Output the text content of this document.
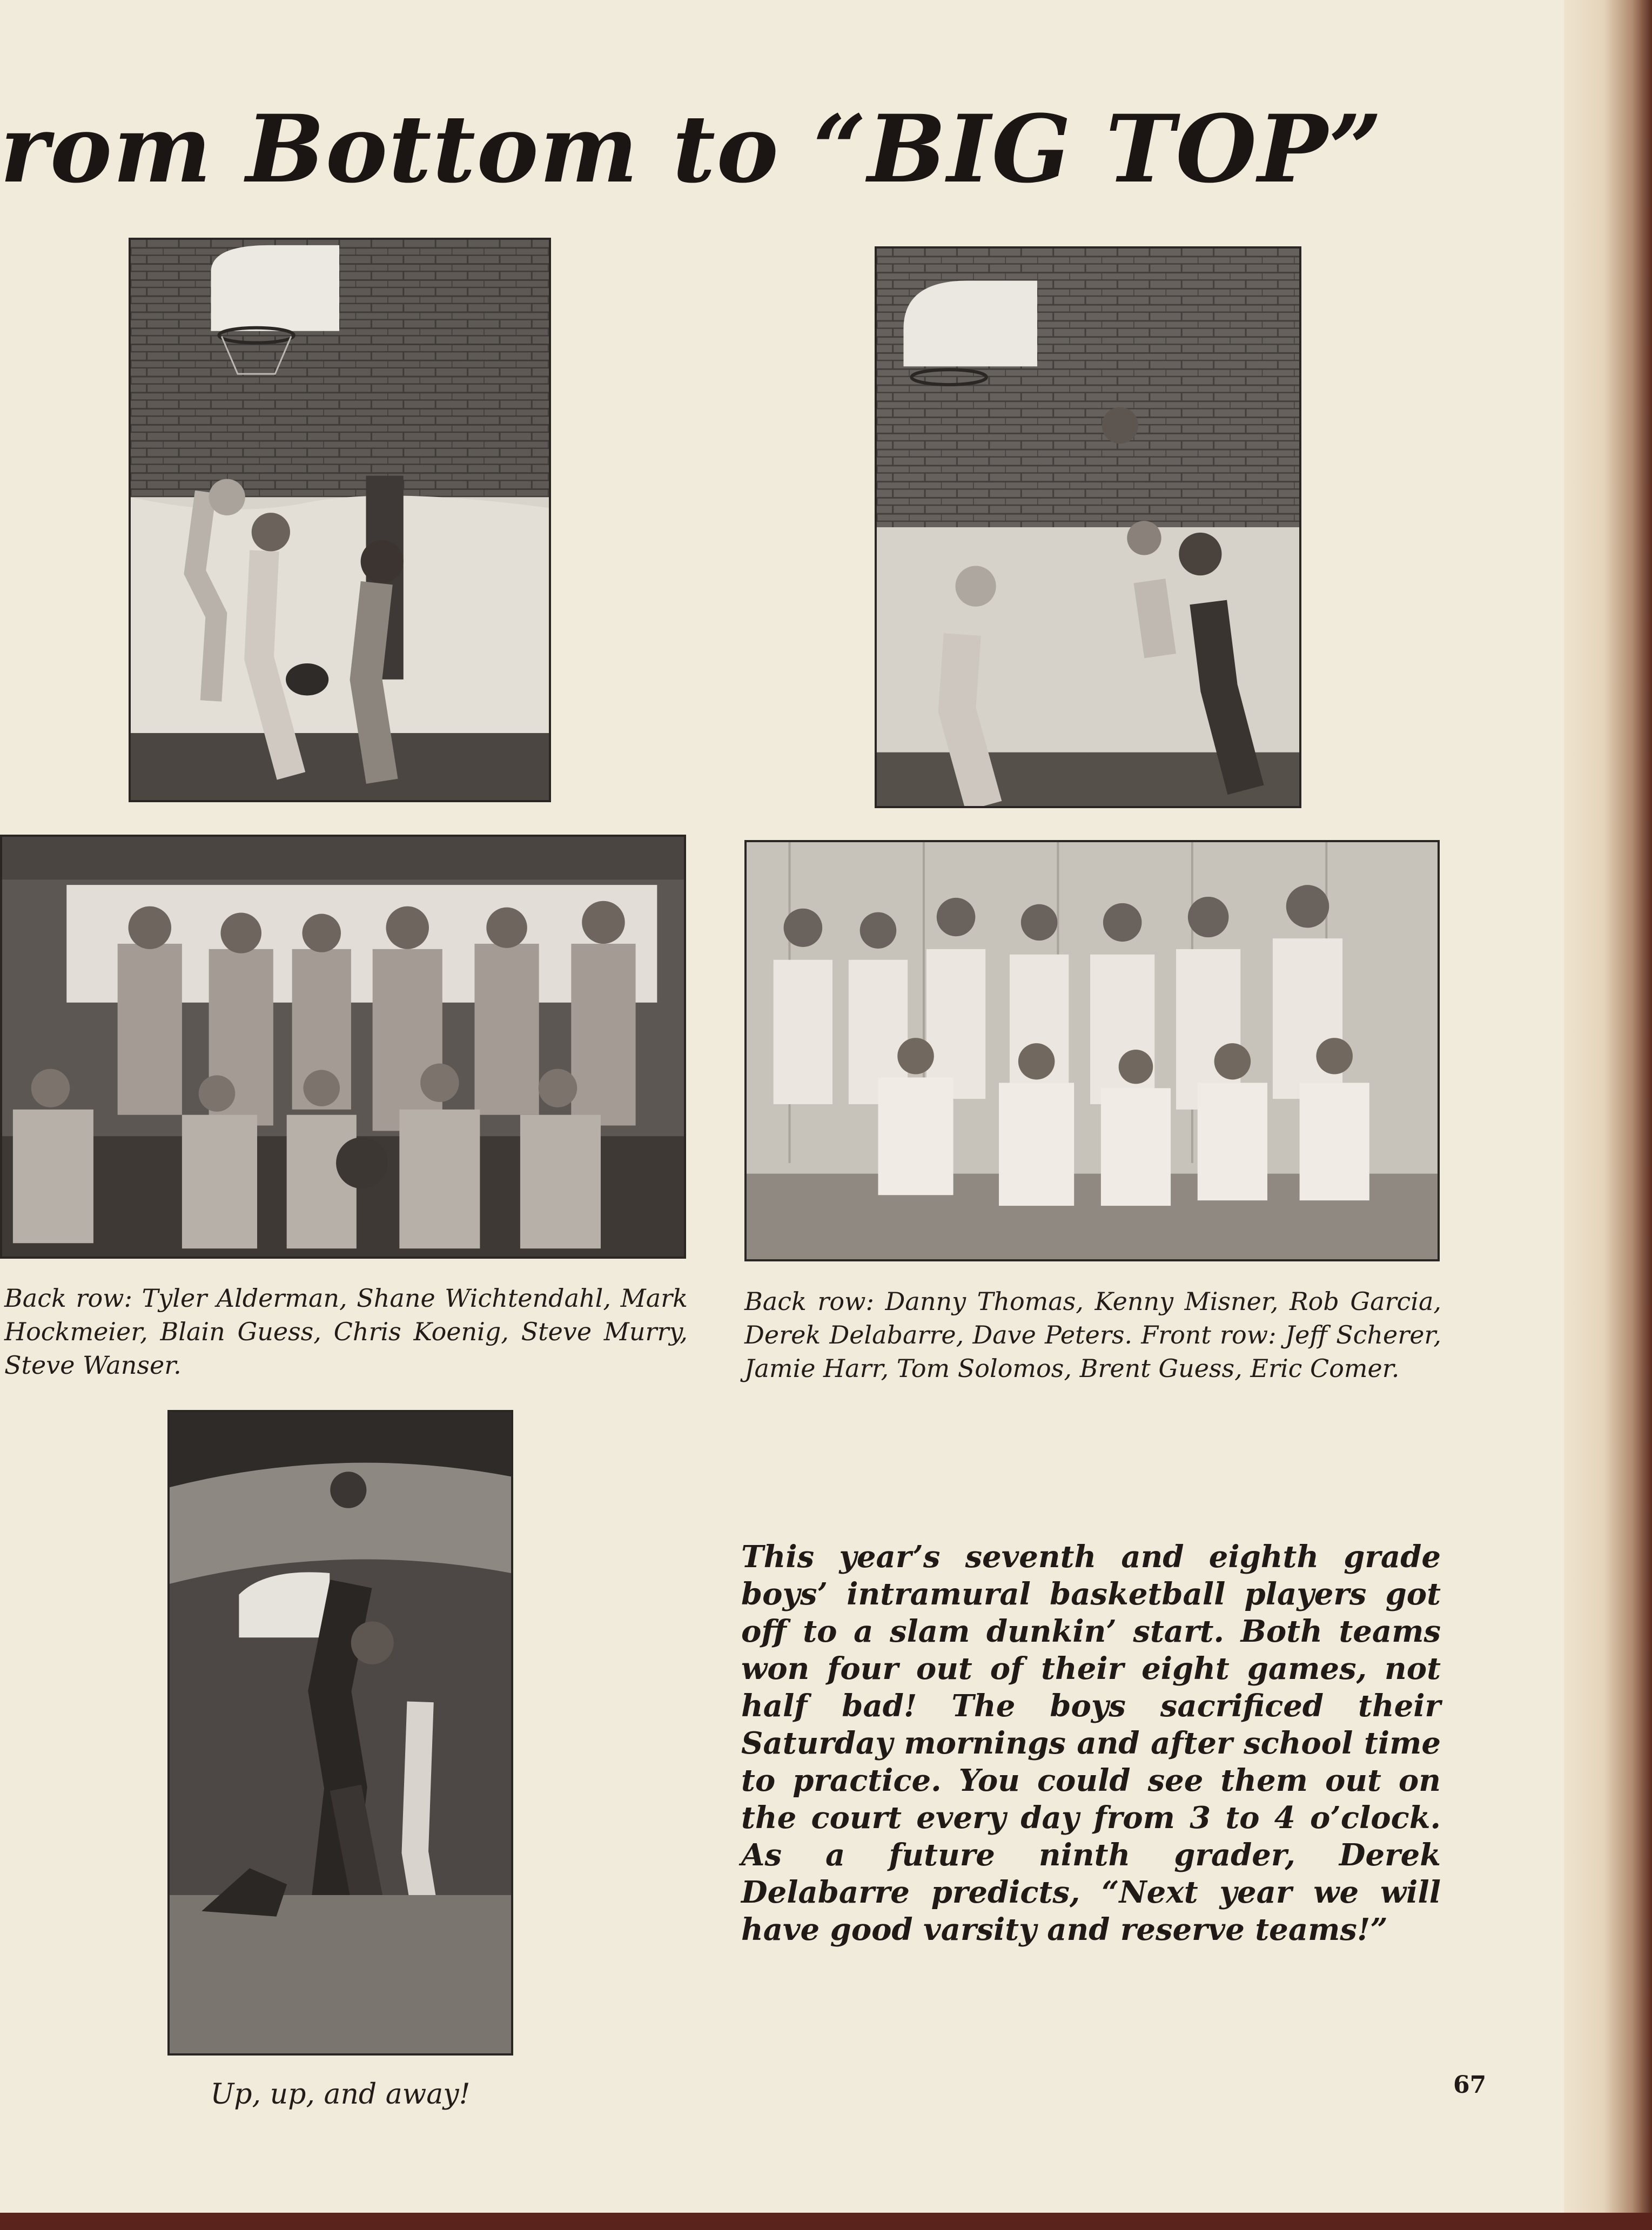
rom Bottom to “BIG TOP”
Back row: Tyler Alderman, Shane Wichtendahl, Mark Hockmeier, Blain Guess, Chris Koenig, Steve Murry, Steve Wanser.
Back row: Danny Thomas, Kenny Misner, Rob Garcia, Derek Delabarre, Dave Peters. Front row: Jeff Scherer, Jamie Harr, Tom Solomos, Brent Guess, Eric Comer.
Up, up, and away!
This year’s seventh and eighth grade boys’ intramural basketball players got off to a slam dunkin’ start. Both teams won four out of their eight games, not half bad! The boys sacrificed their Saturday mornings and after school time to practice. You could see them out on the court every day from 3 to 4 o’clock. As a future ninth grader, Derek Delabarre predicts, “Next year we will have good varsity and reserve teams!”
67
